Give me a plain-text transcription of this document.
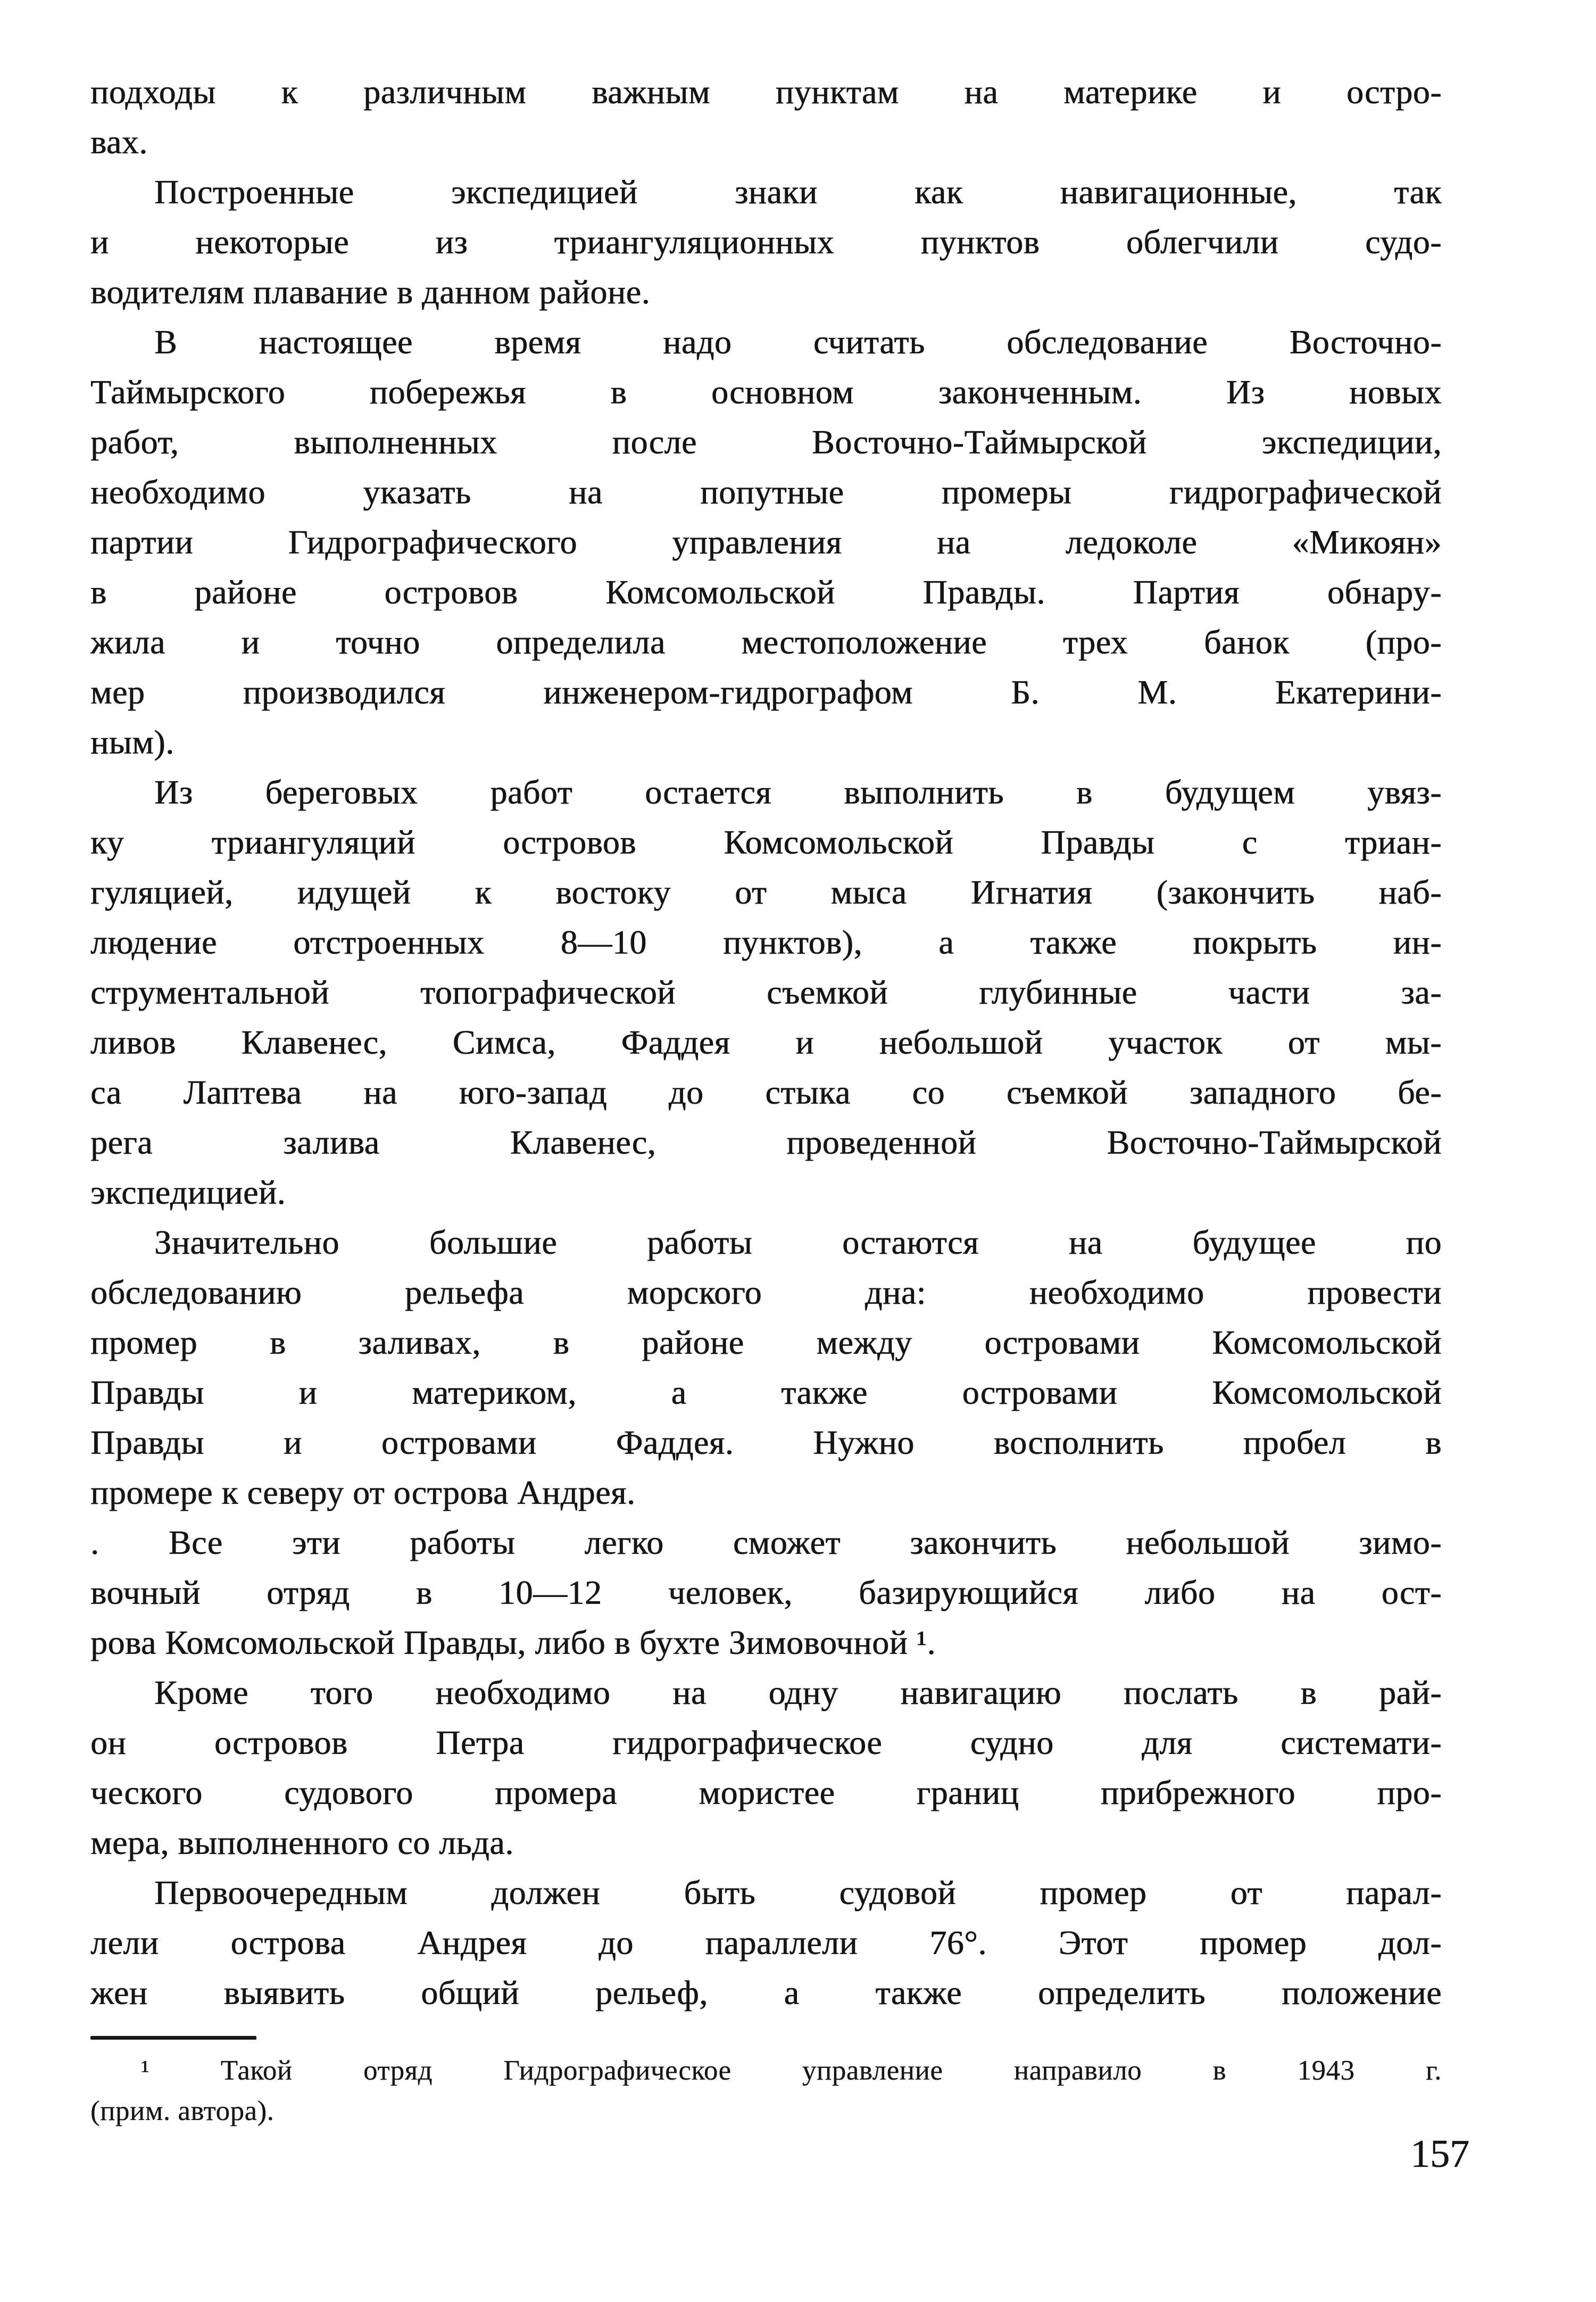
подходы к различным важным пунктам на материке и остро-
вах.
Построенные экспедицией знаки как навигационные, так
и некоторые из триангуляционных пунктов облегчили судо-
водителям плавание в данном районе.
В настоящее время надо считать обследование Восточно-
Таймырского побережья в основном законченным. Из новых
работ, выполненных после Восточно-Таймырской экспедиции,
необходимо указать на попутные промеры гидрографической
партии Гидрографического управления на ледоколе «Микоян»
в районе островов Комсомольской Правды. Партия обнару-
жила и точно определила местоположение трех банок (про-
мер производился инженером-гидрографом Б. М. Екатерини-
ным).
Из береговых работ остается выполнить в будущем увяз-
ку триангуляций островов Комсомольской Правды с триан-
гуляцией, идущей к востоку от мыса Игнатия (закончить наб-
людение отстроенных 8—10 пунктов), а также покрыть ин-
струментальной топографической съемкой глубинные части за-
ливов Клавенес, Симса, Фаддея и небольшой участок от мы-
са Лаптева на юго-запад до стыка со съемкой западного бе-
рега залива Клавенес, проведенной Восточно-Таймырской
экспедицией.
Значительно большие работы остаются на будущее по
обследованию рельефа морского дна: необходимо провести
промер в заливах, в районе между островами Комсомольской
Правды и материком, а также островами Комсомольской
Правды и островами Фаддея. Нужно восполнить пробел в
промере к северу от острова Андрея.
. Все эти работы легко сможет закончить небольшой зимо-
вочный отряд в 10—12 человек, базирующийся либо на ост-
рова Комсомольской Правды, либо в бухте Зимовочной ¹.
Кроме того необходимо на одну навигацию послать в рай-
он островов Петра гидрографическое судно для системати-
ческого судового промера мористее границ прибрежного про-
мера, выполненного со льда.
Первоочередным должен быть судовой промер от парал-
лели острова Андрея до параллели 76°. Этот промер дол-
жен выявить общий рельеф, а также определить положение
¹ Такой отряд Гидрографическое управление направило в 1943 г.
(прим. автора).
157
